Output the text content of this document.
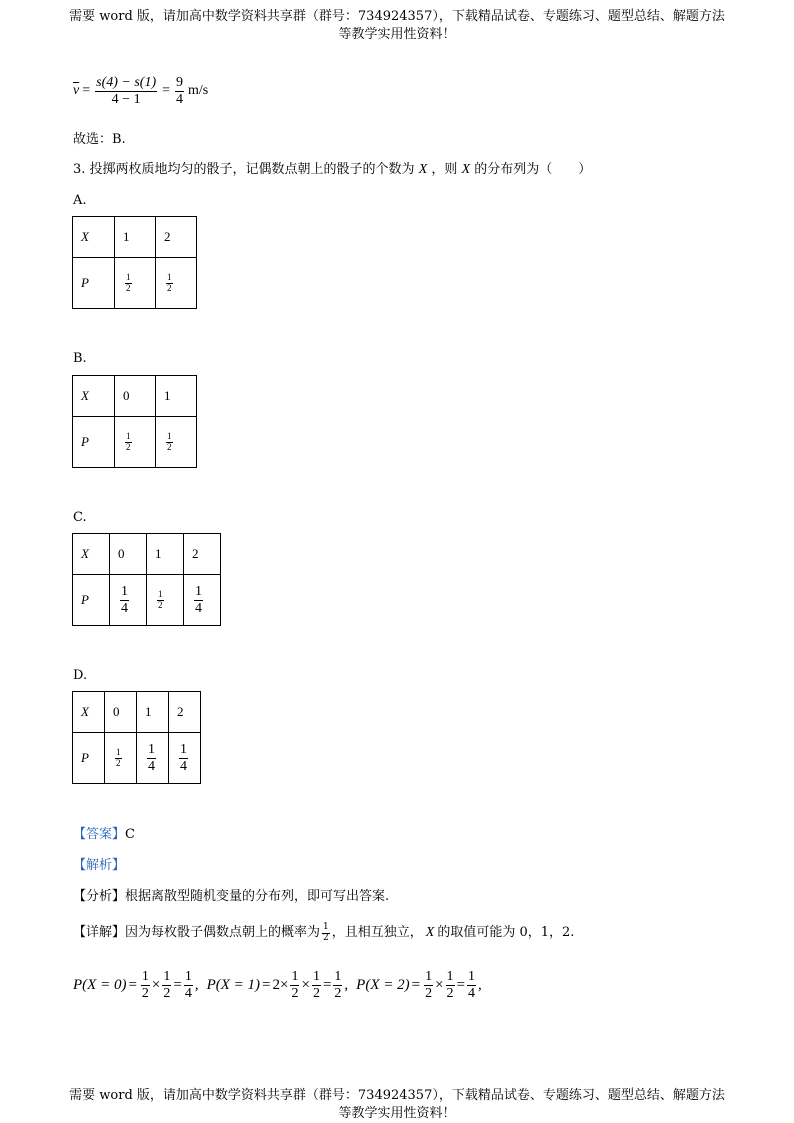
需要 word 版，请加高中数学资料共享群（群号：734924357），下载精品试卷、专题练习、题型总结、解题方法
等教学实用性资料！
$\overline{v} = \frac{s(4) - s(1)}{4 - 1} = \frac{9}{4} m/s$
故选：B.
3. 投掷两枚质地均匀的骰子，记偶数点朝上的骰子的个数为 X ，则 X 的分布列为（　　）
A.
X	1	2
P	$\frac{1}{2}$	$\frac{1}{2}$
B.
X	0	1
P	$\frac{1}{2}$	$\frac{1}{2}$
C.
X	0	1	2
P	$\frac{1}{4}$	$\frac{1}{2}$	$\frac{1}{4}$
D.
X	0	1	2
P	$\frac{1}{2}$	$\frac{1}{4}$	$\frac{1}{4}$
【答案】C
【解析】
【分析】根据离散型随机变量的分布列，即可写出答案.
【详解】 因为每枚骰子偶数点朝上的概率为 $\frac{1}{2}$ ，且相互独立， X 的取值可能为 0，1，2.
$P(X = 0) = \frac{1}{2} \times \frac{1}{2} = \frac{1}{4}$ , $P(X = 1) = 2\times \frac{1}{2} \times \frac{1}{2} = \frac{1}{2}$ , $P(X = 2) = \frac{1}{2} \times \frac{1}{2} = \frac{1}{4}$ ,
需要 word 版，请加高中数学资料共享群（群号：734924357），下载精品试卷、专题练习、题型总结、解题方法
等教学实用性资料！
